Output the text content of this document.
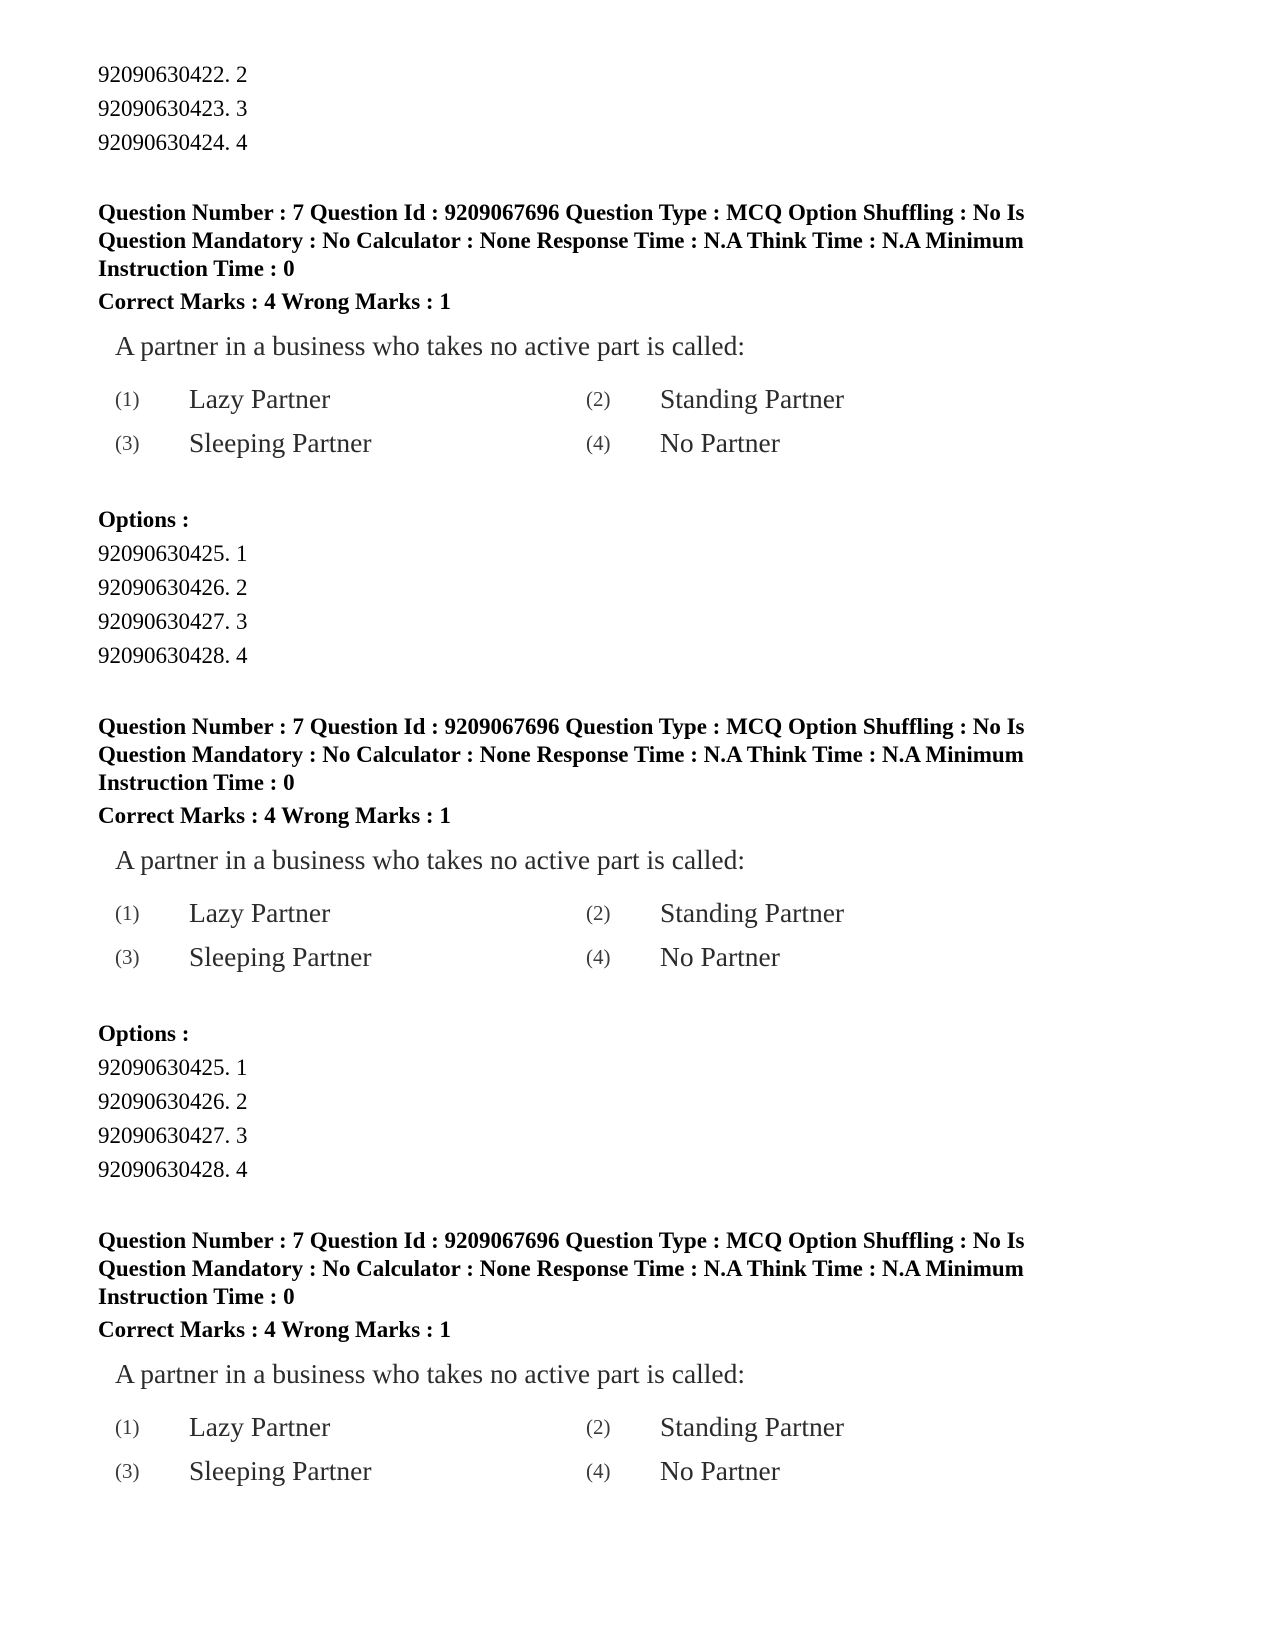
92090630422. 2
92090630423. 3
92090630424. 4
Question Number : 7 Question Id : 9209067696 Question Type : MCQ Option Shuffling : No Is
Question Mandatory : No Calculator : None Response Time : N.A Think Time : N.A Minimum
Instruction Time : 0
Correct Marks : 4 Wrong Marks : 1
A partner in a business who takes no active part is called:
(1)	Lazy Partner	(2)	Standing Partner
(3)	Sleeping Partner	(4)	No Partner
Options :
92090630425. 1
92090630426. 2
92090630427. 3
92090630428. 4
Question Number : 7 Question Id : 9209067696 Question Type : MCQ Option Shuffling : No Is
Question Mandatory : No Calculator : None Response Time : N.A Think Time : N.A Minimum
Instruction Time : 0
Correct Marks : 4 Wrong Marks : 1
A partner in a business who takes no active part is called:
(1)	Lazy Partner	(2)	Standing Partner
(3)	Sleeping Partner	(4)	No Partner
Options :
92090630425. 1
92090630426. 2
92090630427. 3
92090630428. 4
Question Number : 7 Question Id : 9209067696 Question Type : MCQ Option Shuffling : No Is
Question Mandatory : No Calculator : None Response Time : N.A Think Time : N.A Minimum
Instruction Time : 0
Correct Marks : 4 Wrong Marks : 1
A partner in a business who takes no active part is called:
(1)	Lazy Partner	(2)	Standing Partner
(3)	Sleeping Partner	(4)	No Partner
